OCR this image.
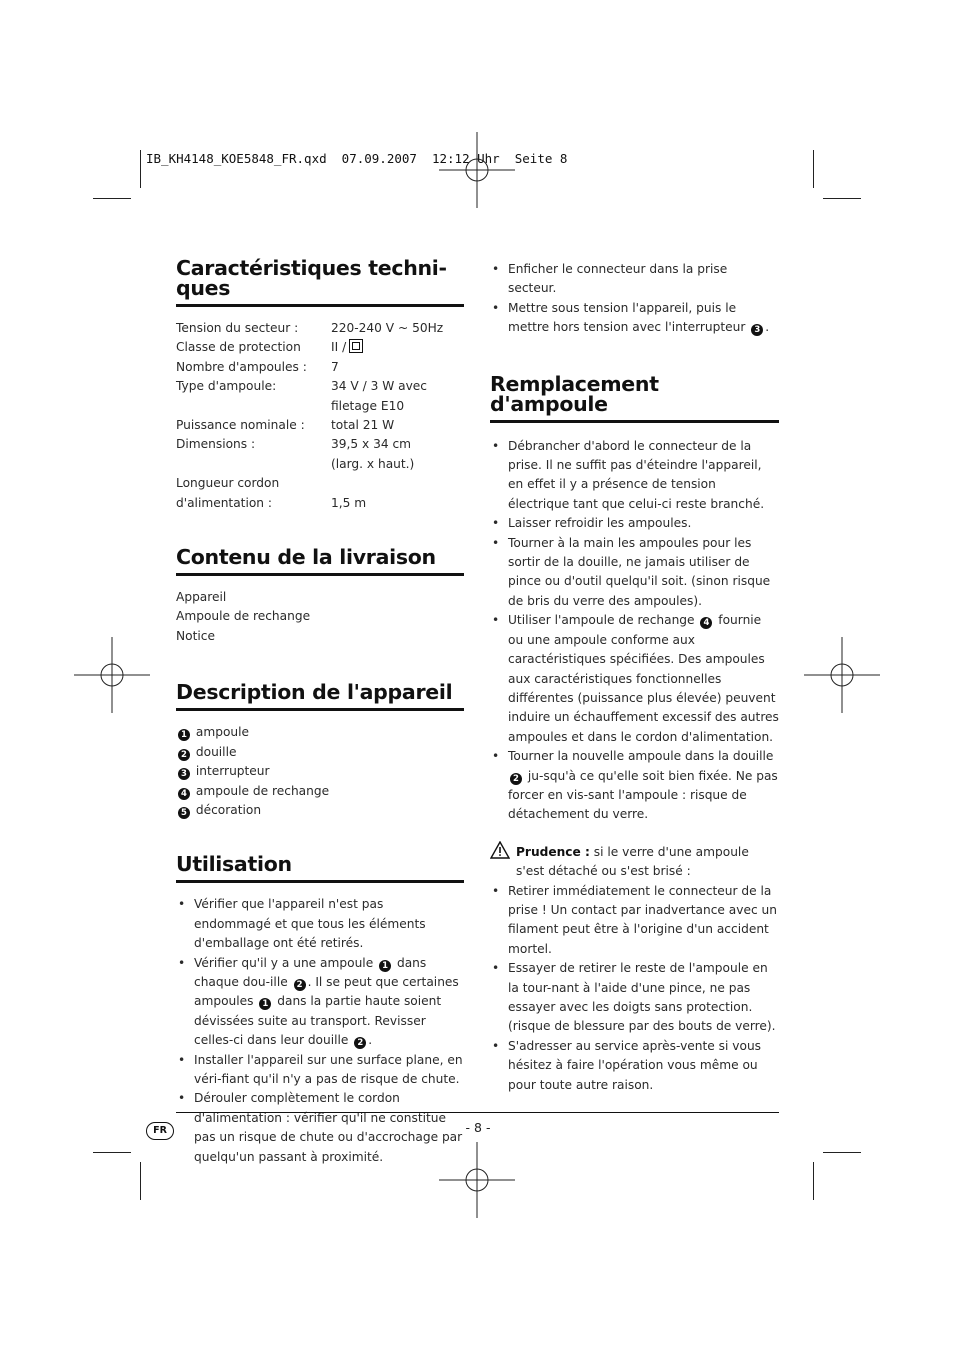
IB_KH4148_KOE5848_FR.qxd  07.09.2007  12:12 Uhr  Seite 8
Caractéristiques techni-
ques
Tension du secteur :	220-240 V ~ 50Hz
Classe de protection	II /
Nombre d'ampoules :	7
Type d'ampoule:	34 V / 3 W avec
	filetage E10
Puissance nominale :	total 21 W
Dimensions :	39,5 x 34 cm
	(larg. x haut.)
Longueur cordon	
d'alimentation :	1,5 m
Contenu de la livraison
Appareil
Ampoule de rechange
Notice
Description de l'appareil
1 ampoule
2 douille
3 interrupteur
4 ampoule de rechange
5 décoration
Utilisation
• Vérifier que l'appareil n'est pas endommagé et que tous les éléments d'emballage ont été retirés.
• Vérifier qu'il y a une ampoule 1 dans chaque dou-ille 2 . Il se peut que certaines ampoules 1 dans la partie haute soient dévissées suite au transport. Revisser celles-ci dans leur douille 2 .
• Installer l'appareil sur une surface plane, en véri-fiant qu'il n'y a pas de risque de chute.
• Dérouler complètement le cordon d'alimentation : vérifier qu'il ne constitue pas un risque de chute ou d'accrochage par quelqu'un passant à proximité.
• Enficher le connecteur dans la prise secteur.
• Mettre sous tension l'appareil, puis le mettre hors tension avec l'interrupteur 3 .
Remplacement d'ampoule
• Débrancher d'abord le connecteur de la prise. Il ne suffit pas d'éteindre l'appareil, en effet il y a présence de tension électrique tant que celui-ci reste branché.
• Laisser refroidir les ampoules.
• Tourner à la main les ampoules pour les sortir de la douille, ne jamais utiliser de pince ou d'outil quelqu'il soit. (sinon risque de bris du verre des ampoules).
• Utiliser l'ampoule de rechange 4 fournie ou une ampoule conforme aux caractéristiques spécifiées. Des ampoules aux caractéristiques fonctionnelles différentes (puissance plus élevée) peuvent induire un échauffement excessif des autres ampoules et dans le cordon d'alimentation.
• Tourner la nouvelle ampoule dans la douille 2 ju-squ'à ce qu'elle soit bien fixée. Ne pas forcer en vis-sant l'ampoule : risque de détachement du verre.
Prudence : si le verre d'une ampoule s'est détaché ou s'est brisé :
• Retirer immédiatement le connecteur de la prise ! Un contact par inadvertance avec un filament peut être à l'origine d'un accident mortel.
• Essayer de retirer le reste de l'ampoule en la tour-nant à l'aide d'une pince, ne pas essayer avec les doigts sans protection. (risque de blessure par des bouts de verre).
• S'adresser au service après-vente si vous hésitez à faire l'opération vous même ou pour toute autre raison.
FR	- 8 -
